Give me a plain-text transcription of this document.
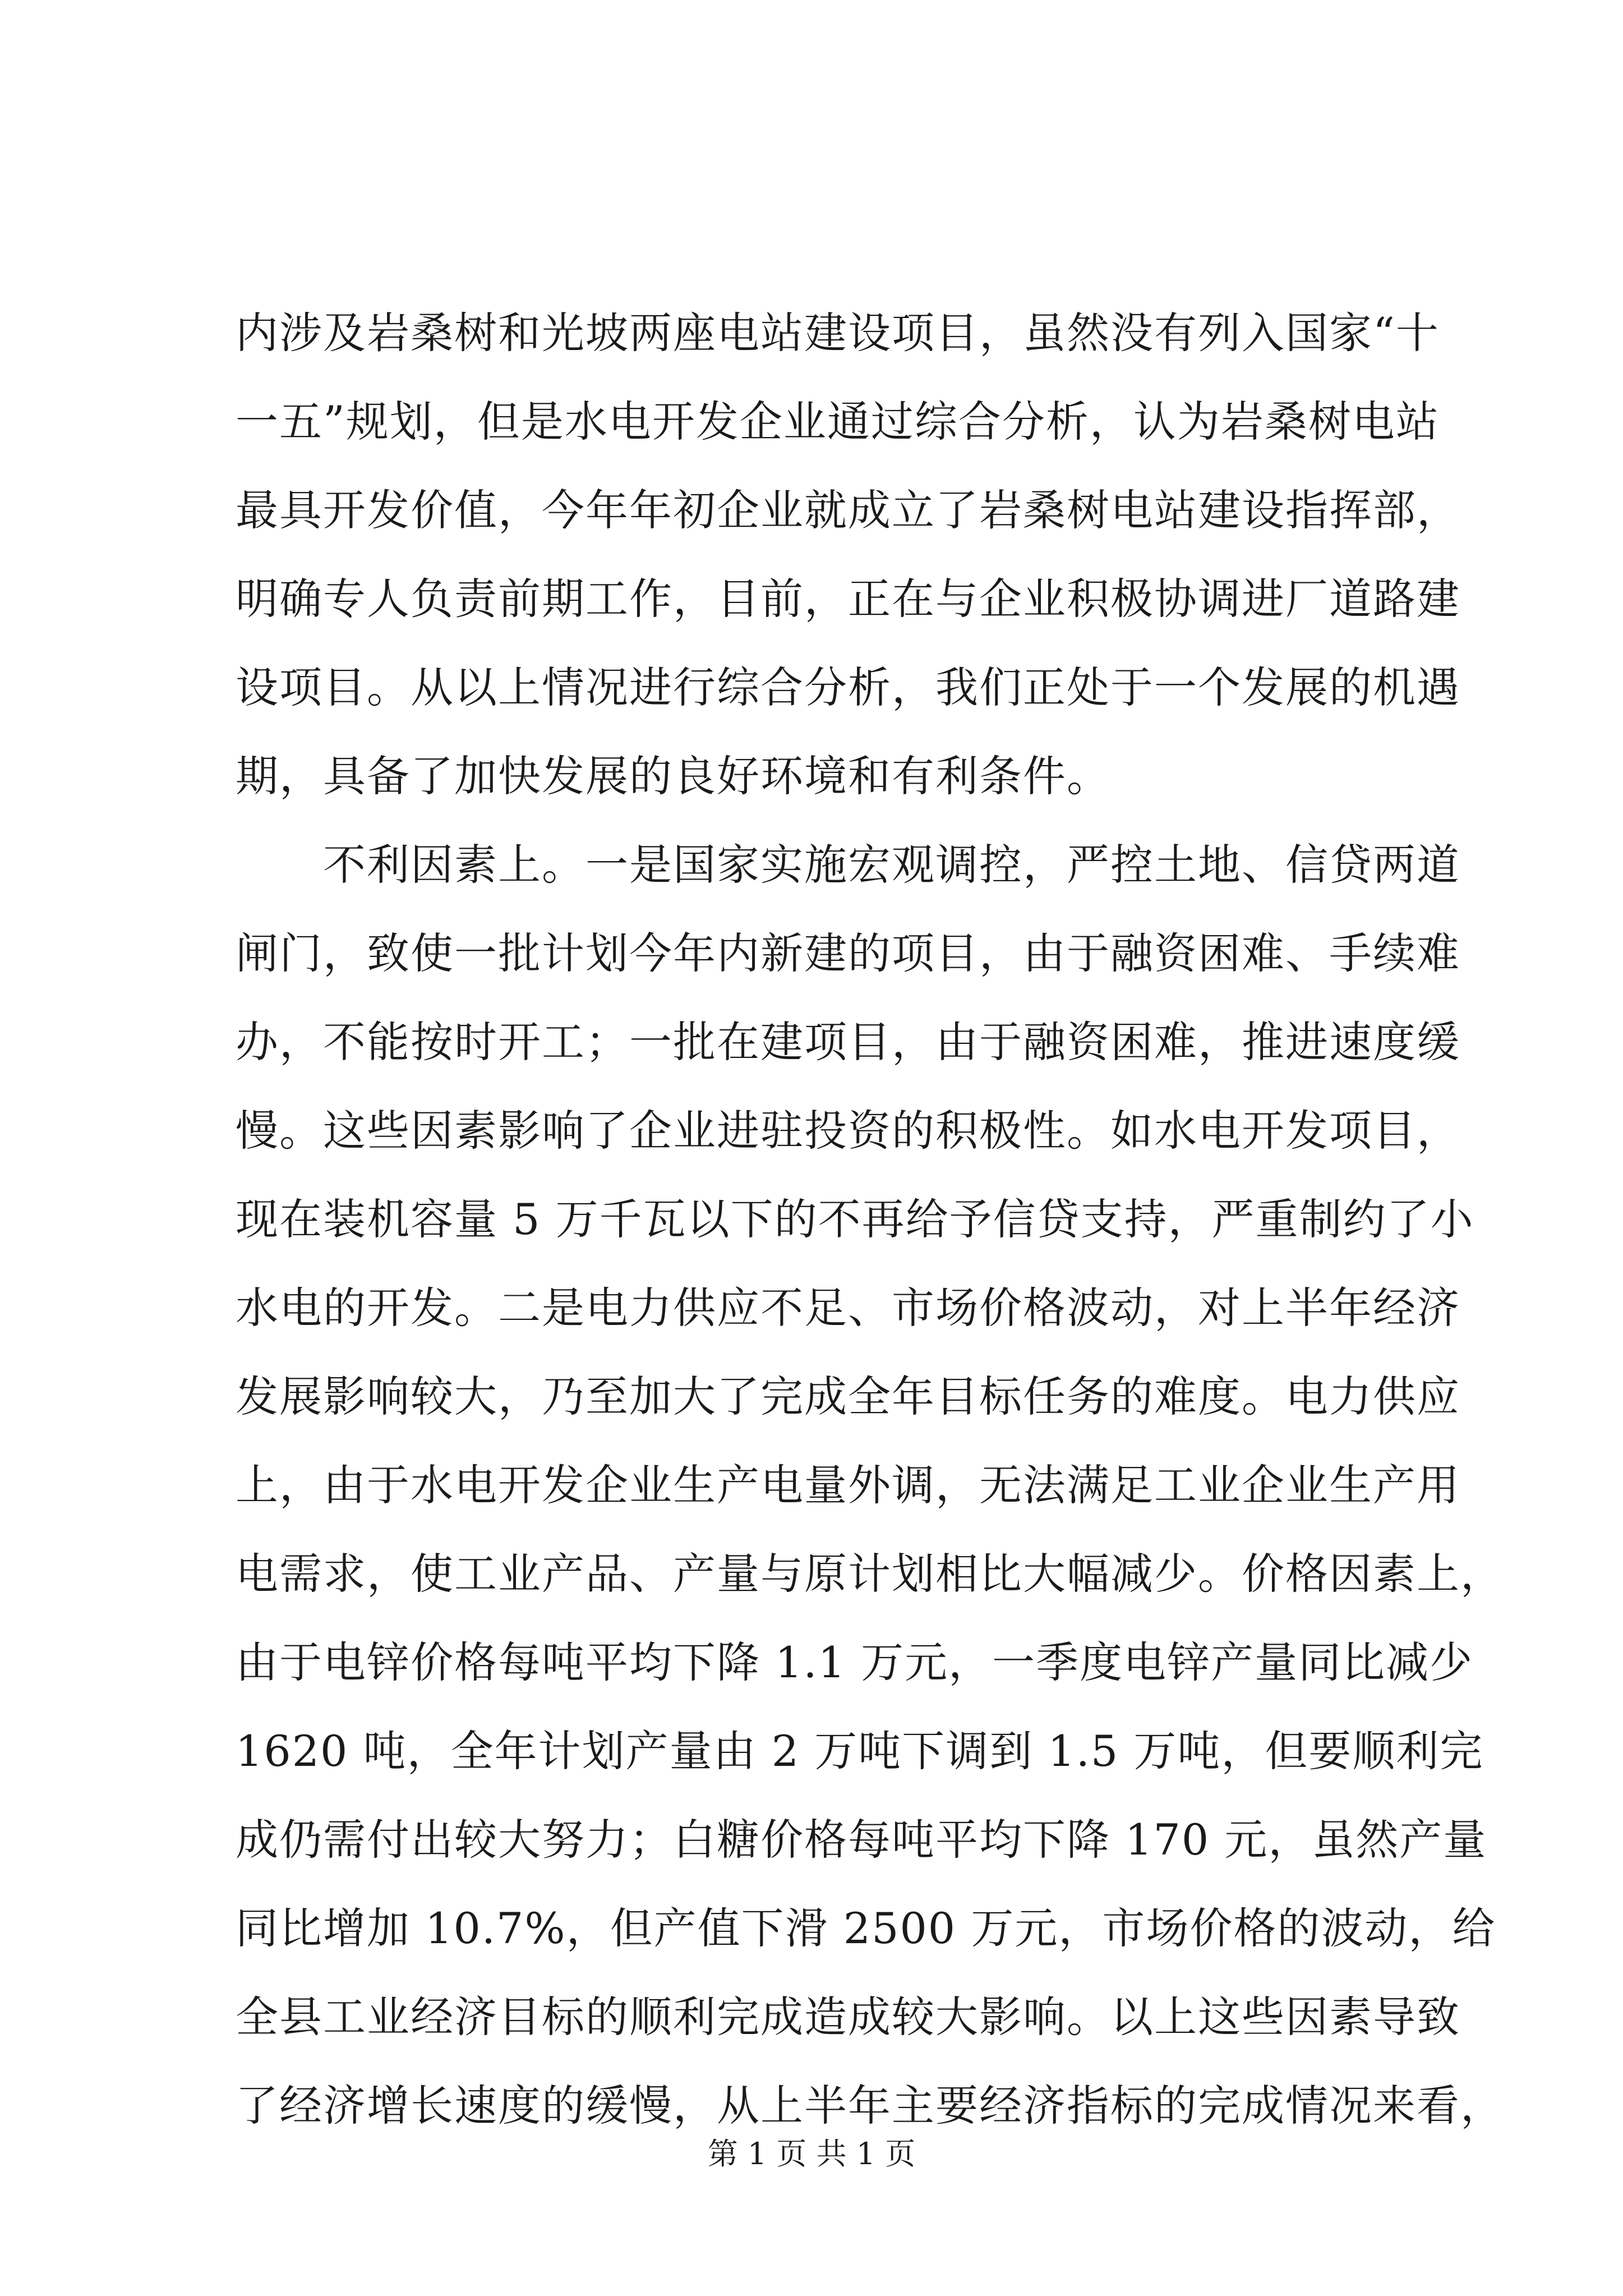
内涉及岩桑树和光坡两座电站建设项目，虽然没有列入国家“十
一五”规划，但是水电开发企业通过综合分析，认为岩桑树电站
最具开发价值，今年年初企业就成立了岩桑树电站建设指挥部，
明确专人负责前期工作，目前，正在与企业积极协调进厂道路建
设项目。从以上情况进行综合分析，我们正处于一个发展的机遇
期，具备了加快发展的良好环境和有利条件。
　　不利因素上。一是国家实施宏观调控，严控土地、信贷两道
闸门，致使一批计划今年内新建的项目，由于融资困难、手续难
办，不能按时开工；一批在建项目，由于融资困难，推进速度缓
慢。这些因素影响了企业进驻投资的积极性。如水电开发项目，
现在装机容量 5 万千瓦以下的不再给予信贷支持，严重制约了小
水电的开发。二是电力供应不足、市场价格波动，对上半年经济
发展影响较大，乃至加大了完成全年目标任务的难度。电力供应
上，由于水电开发企业生产电量外调，无法满足工业企业生产用
电需求，使工业产品、产量与原计划相比大幅减少。价格因素上，
由于电锌价格每吨平均下降 1.1 万元，一季度电锌产量同比减少
1620 吨，全年计划产量由 2 万吨下调到 1.5 万吨，但要顺利完
成仍需付出较大努力；白糖价格每吨平均下降 170 元，虽然产量
同比增加 10.7%，但产值下滑 2500 万元，市场价格的波动，给
全县工业经济目标的顺利完成造成较大影响。以上这些因素导致
了经济增长速度的缓慢，从上半年主要经济指标的完成情况来看，
第 1 页 共 1 页
